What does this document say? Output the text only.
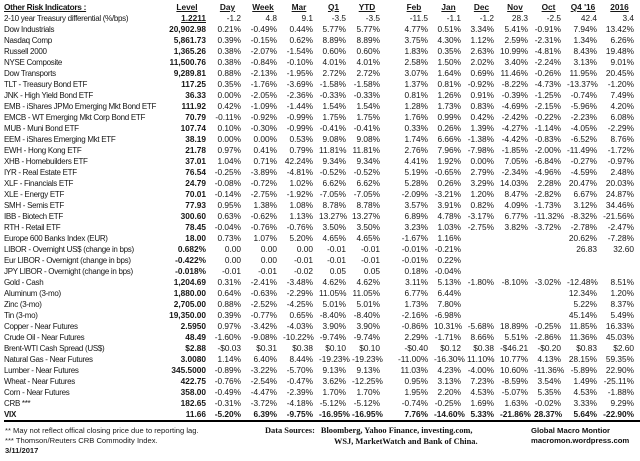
Other Risk Indicators :	Level	Day	Week	Mar	Q1	YTD		Feb	Jan	Dec	Nov	Oct	Q4 '16	2016
2-10 year Treasury differential (%/bps)	1.2211	-1.2	4.8	9.1	-3.5	-3.5		-11.5	-1.1	-1.2	28.3	-2.5	42.4	3.4
Dow Industrials	20,902.98	0.21%	-0.49%	0.44%	5.77%	5.77%		4.77%	0.51%	3.34%	5.41%	-0.91%	7.94%	13.42%
Nasdaq Comp	5,861.73	0.39%	-0.15%	0.62%	8.89%	8.89%		3.75%	4.30%	1.12%	2.59%	-2.31%	1.34%	6.26%
Russell 2000	1,365.26	0.38%	-2.07%	-1.54%	0.60%	0.60%		1.83%	0.35%	2.63%	10.99%	-4.81%	8.43%	19.48%
NYSE Composite	11,500.76	0.38%	-0.84%	-0.10%	4.01%	4.01%		2.58%	1.50%	2.02%	3.40%	-2.24%	3.13%	9.01%
Dow Transports	9,289.81	0.88%	-2.13%	-1.95%	2.72%	2.72%		3.07%	1.64%	0.69%	11.46%	-0.26%	11.95%	20.45%
TLT - Treasury Bond ETF	117.25	0.35%	-1.76%	-3.69%	-1.58%	-1.58%		1.37%	0.81%	-0.92%	-8.22%	-4.73%	-13.37%	-1.20%
JNK - High Yield Bond ETF	36.33	0.00%	-2.05%	-2.36%	-0.33%	-0.33%		0.81%	1.26%	0.91%	-0.39%	-1.25%	-0.74%	7.49%
EMB - iShares JPMo Emerging Mkt Bond ETF	111.92	0.42%	-1.09%	-1.44%	1.54%	1.54%		1.28%	1.73%	0.83%	-4.69%	-2.15%	-5.96%	4.20%
EMCB - WT Emerging Mkt Corp Bond ETF	70.79	-0.11%	-0.92%	-0.99%	1.75%	1.75%		1.76%	0.99%	0.42%	-2.42%	-0.22%	-2.23%	6.08%
MUB - Muni Bond ETF	107.74	0.10%	-0.30%	-0.99%	-0.41%	-0.41%		0.33%	0.26%	1.39%	-4.27%	-1.14%	-4.05%	-2.29%
EEM - iShares Emerging Mkt ETF	38.19	0.00%	0.00%	0.53%	9.08%	9.08%		1.74%	6.66%	-1.38%	-4.42%	-0.83%	-6.52%	8.76%
EWH - Hong Kong ETF	21.78	0.97%	0.41%	0.79%	11.81%	11.81%		2.76%	7.96%	-7.98%	-1.85%	-2.00%	-11.49%	-1.72%
XHB - Homebuilders ETF	37.01	1.04%	0.71%	42.24%	9.34%	9.34%		4.41%	1.92%	0.00%	7.05%	-6.84%	-0.27%	-0.97%
IYR - Real Estate ETF	76.54	-0.25%	-3.89%	-4.81%	-0.52%	-0.52%		5.19%	-0.65%	2.79%	-2.34%	-4.96%	-4.59%	2.48%
XLF - Financials ETF	24.79	-0.08%	-0.72%	1.02%	6.62%	6.62%		5.28%	0.26%	3.29%	14.03%	2.28%	20.47%	20.03%
XLE - Energy ETF	70.01	-0.14%	-2.75%	-1.92%	-7.05%	-7.05%		-2.09%	-3.21%	1.20%	8.47%	-2.82%	6.67%	24.87%
SMH - Semis ETF	77.93	0.95%	1.38%	1.08%	8.78%	8.78%		3.57%	3.91%	0.82%	4.09%	-1.73%	3.12%	34.46%
IBB - Biotech ETF	300.60	0.63%	-0.62%	1.13%	13.27%	13.27%		6.89%	4.78%	-3.17%	6.77%	-11.32%	-8.32%	-21.56%
RTH - Retail ETF	78.45	-0.04%	-0.76%	-0.76%	3.50%	3.50%		3.23%	1.03%	-2.75%	3.82%	-3.72%	-2.78%	-2.47%
Europe 600 Banks Index (EUR)	18.00	0.73%	1.07%	5.20%	4.65%	4.65%		-1.67%	1.16%				20.62%	-7.28%
LIBOR - Overnight US$ (change in bps)	0.682%	0.00	0.00	0.00	-0.01	-0.01		-0.01%	-0.21%				26.83	32.60
Eur LIBOR - Overnignt (change in bps)	-0.422%	0.00	0.00	-0.01	-0.01	-0.01		-0.01%	0.22%					
JPY LIBOR - Overnight (change in bps)	-0.018%	-0.01	-0.01	-0.02	0.05	0.05		0.18%	-0.04%					
Gold - Cash	1,204.69	0.31%	-2.41%	-3.48%	4.62%	4.62%		3.11%	5.13%	-1.80%	-8.10%	-3.02%	-12.48%	8.51%
Aluminum (3-mo)	1,880.00	0.64%	-0.63%	-2.29%	11.05%	11.05%		6.77%	6.44%				12.34%	1.20%
Zinc (3-mo)	2,705.00	0.88%	-2.52%	-4.25%	5.01%	5.01%		1.73%	7.80%				5.22%	8.37%
Tin (3-mo)	19,350.00	0.39%	-0.77%	0.65%	-8.40%	-8.40%		-2.16%	-6.98%				45.14%	5.49%
Copper - Near Futures	2.5950	0.97%	-3.42%	-4.03%	3.90%	3.90%		-0.86%	10.31%	-5.68%	18.89%	-0.25%	11.85%	16.33%
Crude Oil - Near Futures	48.49	-1.60%	-9.08%	-10.22%	-9.74%	-9.74%		2.29%	-1.71%	8.66%	5.51%	-2.86%	11.36%	45.03%
Brent-WTI Cash Spread (US$)	$2.88	-$0.03	$0.31	$0.38	$0.10	$0.10		-$0.40	$0.12	$0.38	-$46.21	-$0.20	$0.83	$2.60
Natural Gas - Near Futures	3.0080	1.14%	6.40%	8.44%	-19.23%	-19.23%		-11.00%	-16.30%	11.10%	10.77%	4.13%	28.15%	59.35%
Lumber - Near Futures	345.5000	-0.89%	-3.22%	-5.70%	9.13%	9.13%		11.03%	4.23%	-4.00%	10.60%	-11.36%	-5.89%	22.90%
Wheat - Near Futures	422.75	-0.76%	-2.54%	-0.47%	3.62%	-12.25%		0.95%	3.13%	7.23%	-8.59%	3.54%	1.49%	-25.11%
Corn - Near Futures	358.00	-0.49%	-4.47%	-2.39%	1.70%	1.70%		1.95%	2.20%	4.53%	-5.07%	5.35%	4.53%	-1.88%
CRB ***	182.65	-0.31%	-3.72%	-4.18%	-5.12%	-5.12%		-0.74%	-0.25%	1.69%	1.63%	-0.02%	3.33%	9.29%
VIX	11.66	-5.20%	6.39%	-9.75%	-16.95%	-16.95%		7.76%	-14.60%	5.33%	-21.86%	28.37%	5.64%	-22.90%
** May not reflect offical closing price due to reporting lag.
*** Thomson/Reuters CRB Commodity Index.
3/11/2017
Data Sources: Bloomberg, Yahoo Finance, investing.com,
WSJ, MarketWatch and Bank of China.
Global Macro Montior
macromon.wordpress.com
